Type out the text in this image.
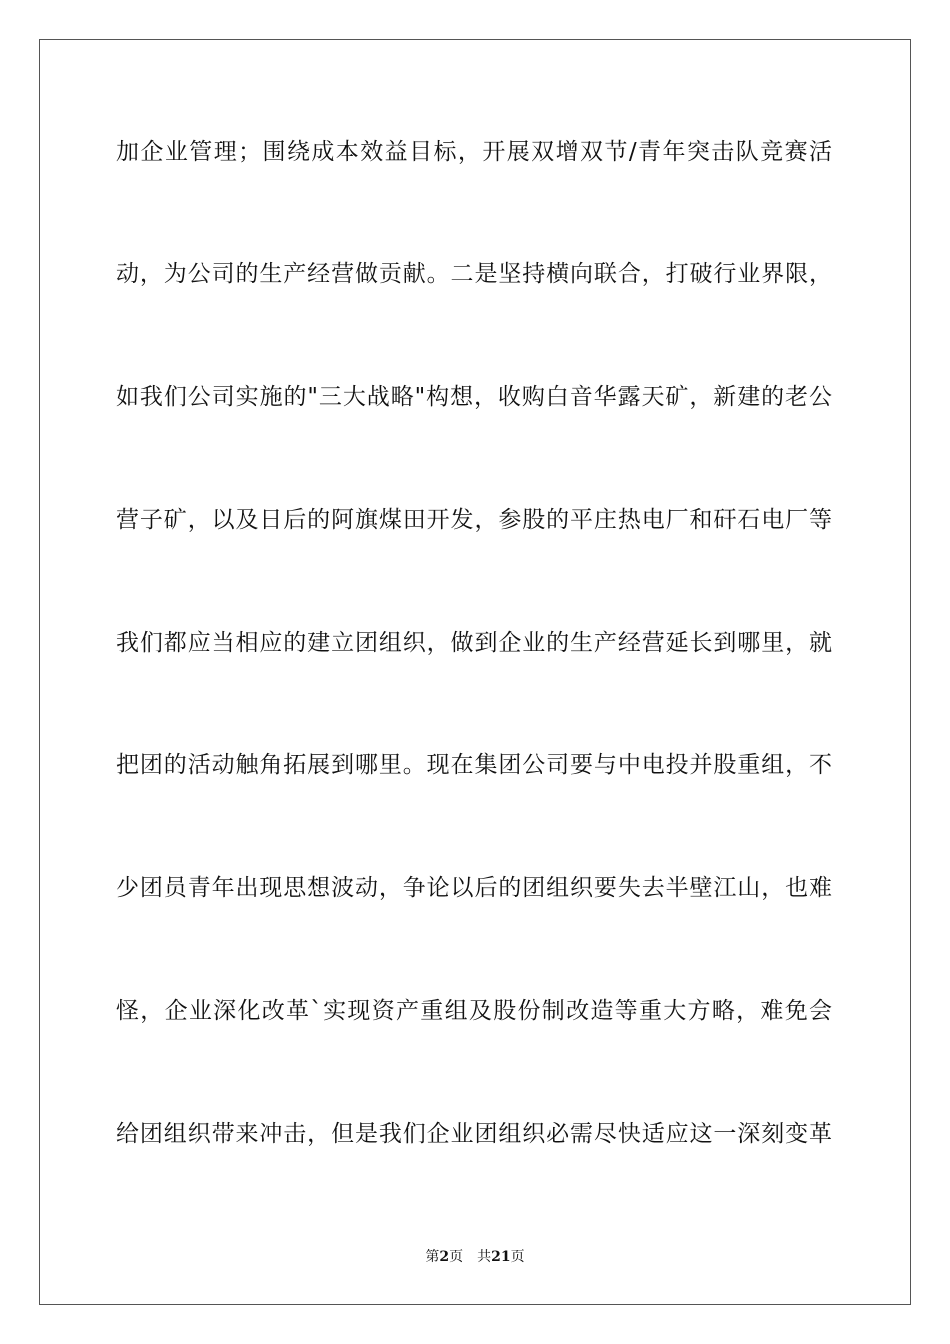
加企业管理；围绕成本效益目标，开展双增双节/青年突击队竞赛活
动，为公司的生产经营做贡献。二是坚持横向联合，打破行业界限，
如我们公司实施的"三大战略"构想，收购白音华露天矿，新建的老公
营子矿，以及日后的阿旗煤田开发，参股的平庄热电厂和矸石电厂等
我们都应当相应的建立团组织，做到企业的生产经营延长到哪里，就
把团的活动触角拓展到哪里。现在集团公司要与中电投并股重组，不
少团员青年出现思想波动，争论以后的团组织要失去半壁江山，也难
怪，企业深化改革`实现资产重组及股份制改造等重大方略，难免会
给团组织带来冲击，但是我们企业团组织必需尽快适应这一深刻变革
第2页 共21页
